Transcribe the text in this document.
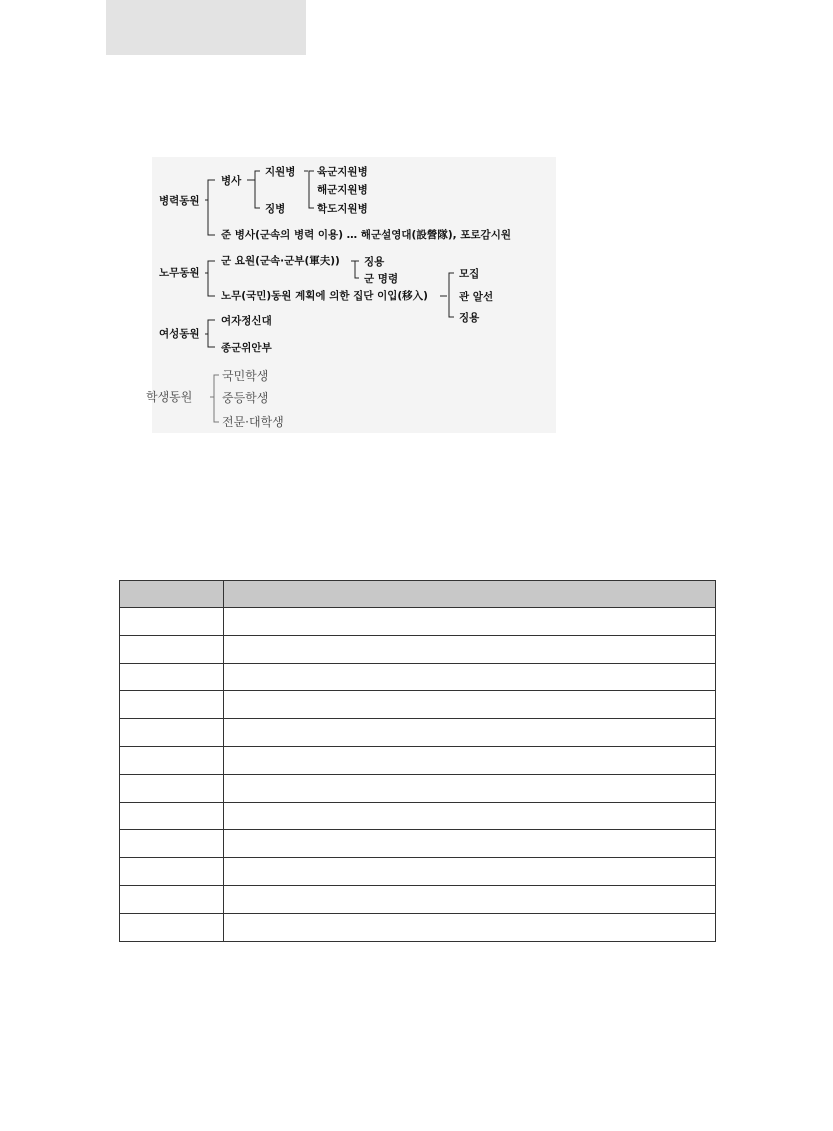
병력동원
노무동원
여성동원
학생동원
병사
지원병
징병
육군지원병
해군지원병
학도지원병
준 병사(군속의 병력 이용) … 해군설영대(設營隊), 포로감시원
군 요원(군속·군부(軍夫)) 징용
군 명령
노무(국민)동원 계획에 의한 집단 이입(移入)
모집
관 알선
징용
여자정신대
종군위안부
국민학생
중등학생
전문·대학생
